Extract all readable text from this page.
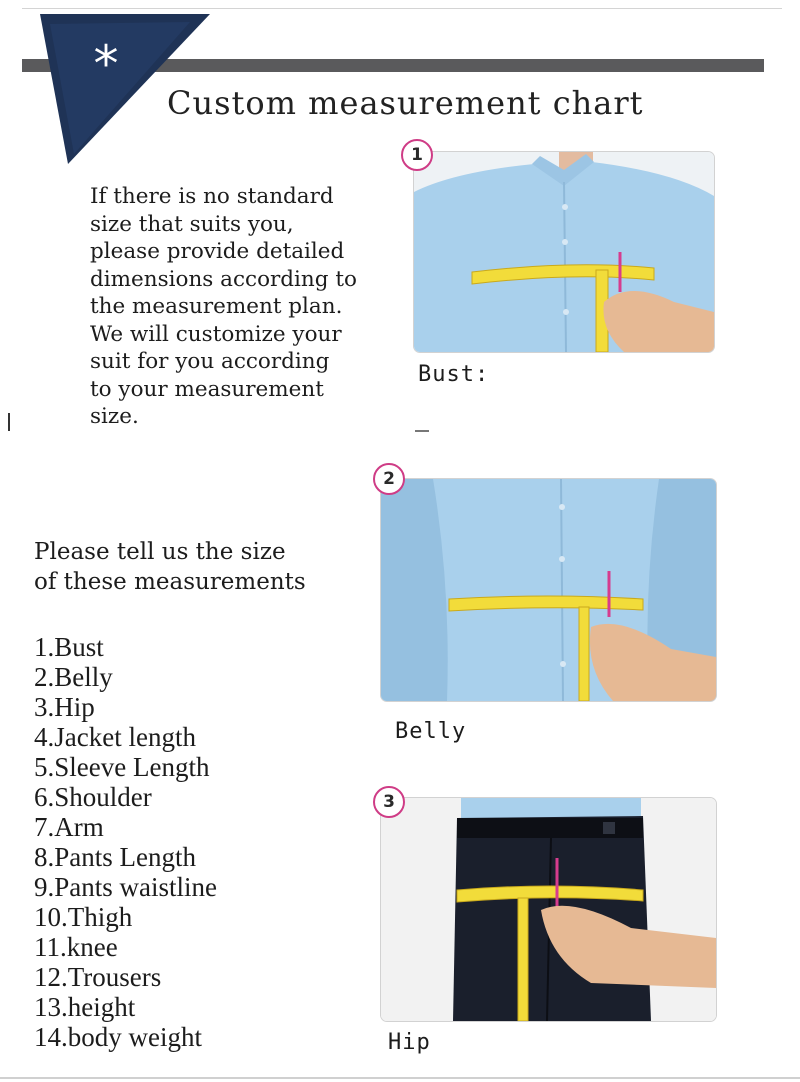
*
Custom measurement chart
If there is no standard
size that suits you,
please provide detailed
dimensions according to
the measurement plan.
We will customize your
suit for you according
to your measurement
size.
Please tell us the size
of these measurements
1.Bust
2.Belly
3.Hip
4.Jacket length
5.Sleeve Length
6.Shoulder
7.Arm
8.Pants Length
9.Pants waistline
10.Thigh
11.knee
12.Trousers
13.height
14.body weight
1
Bust:
2
Belly
3
Hip
